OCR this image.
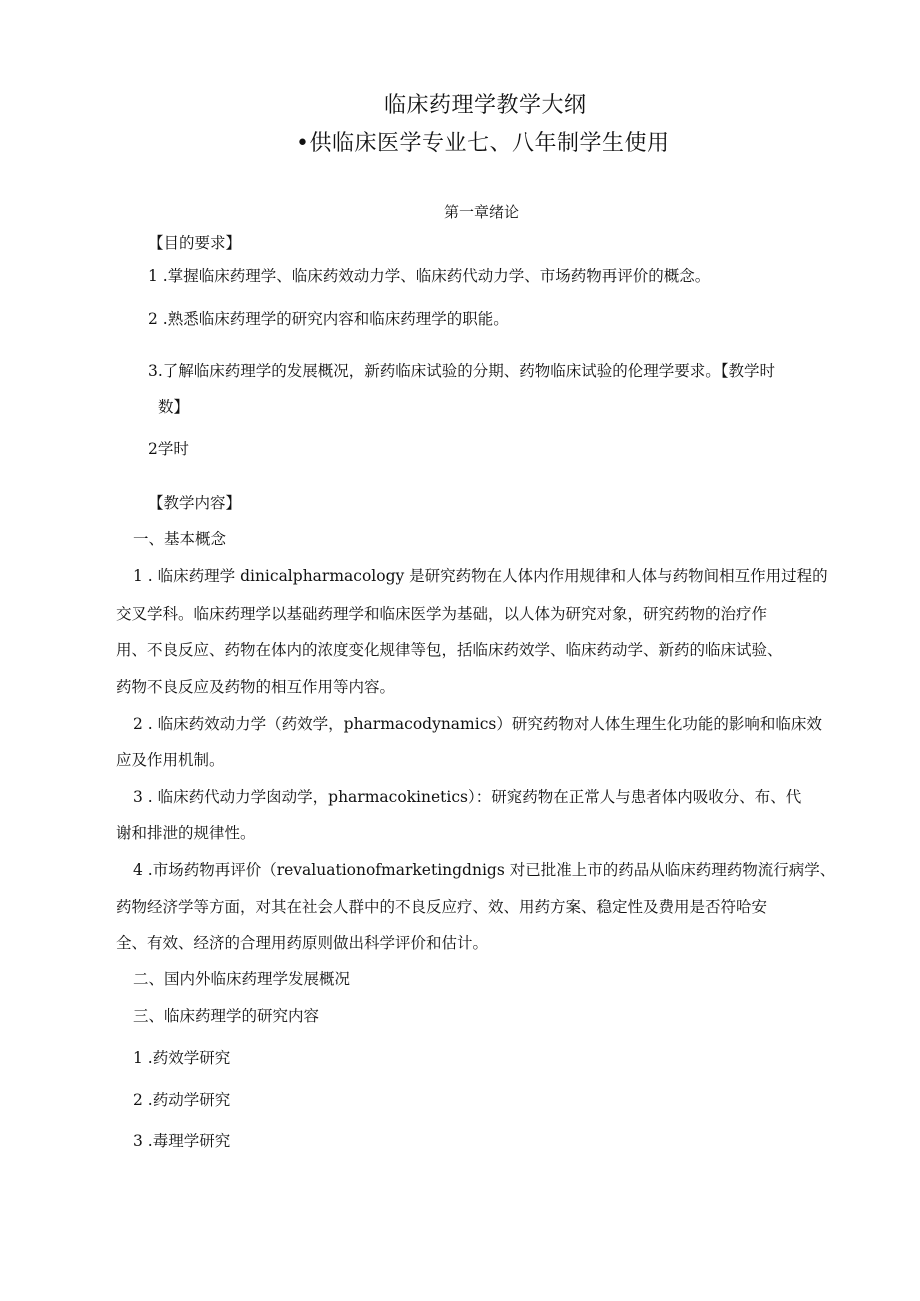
临床药理学教学大纲
•供临床医学专业七、八年制学生使用
第一章绪论
【目的要求】
1 .掌握临床药理学、临床药效动力学、临床药代动力学、市场药物再评价的概念。
2 .熟悉临床药理学的研究内容和临床药理学的职能。
3.了解临床药理学的发展概况，新药临床试验的分期、药物临床试验的伦理学要求。【教学时
数】
2学时
【教学内容】
一、基本概念
1 . 临床药理学 dinicalpharmacology 是研究药物在人体内作用规律和人体与药物间相互作用过程的
交叉学科。临床药理学以基础药理学和临床医学为基础，以人体为研究对象，研究药物的治疗作
用、不良反应、药物在体内的浓度变化规律等包，括临床药效学、临床药动学、新药的临床试验、
药物不良反应及药物的相互作用等内容。
2 . 临床药效动力学（药效学，pharmacodynamics）研究药物对人体生理生化功能的影响和临床效
应及作用机制。
3 . 临床药代动力学囱动学，pharmacokinetics）：研窕药物在正常人与患者体内吸收分、布、代
谢和排泄的规律性。
4 .市场药物再评价（revaluationofmarketingdnigs 对已批准上市的药品从临床药理药物流行病学、
药物经济学等方面，对其在社会人群中的不良反应疗、效、用药方案、稳定性及费用是否符哈安
全、有效、经济的合理用药原则做出科学评价和估计。
二、国内外临床药理学发展概况
三、临床药理学的研究内容
1 .药效学研究
2 .药动学研究
3 .毒理学研究
